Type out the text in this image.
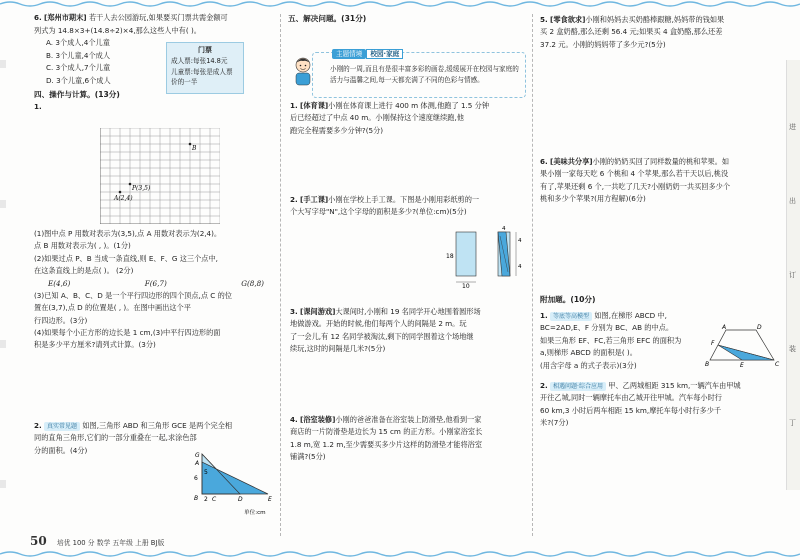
6. [郑州市期末] 若干人去公园游玩,如果要买门票共需金额可
列式为 14.8×3+(14.8÷2)×4,那么这些人中有( )。
A. 3个成人,4个儿童
B. 3个儿童,4个成人
C. 3个成人,7个儿童
D. 3个儿童,6个成人
四、操作与计算。(13分)
1.
门票
成人票:每张14.8元
儿童票:每张是成人票价的一半
B
P(3,5)
A(2,4)
(1)图中点 P 用数对表示为(3,5),点 A 用数对表示为(2,4)。
点 B 用数对表示为( , )。(1分)
(2)如果过点 P、B 当成一条直线,则 E、F、G 这三个点中,
在这条直线上的是点( )。 (2分)
E(4,6)	F(6,7)	G(8,8)
(3)已知 A、B、C、D 是一个平行四边形的四个顶点,点 C 的位
置在(3,7),点 D 的位置是( , )。在图中画出这个平
行四边形。(3分)
(4)如果每个小正方形的边长是 1 cm,(3)中平行四边形的面
积是多少平方厘米?请列式计算。(3分)
2. 真实常见题 如图,三角形 ABD 和三角形 GCE 是两个完全相
同的直角三角形,它们的一部分重叠在一起,求涂色部
分的面积。(4分)
G
A
6
5
B 2 C	D	E
单位:cm
五、解决问题。(31分)
主题情境 校园·家庭
小刚的一周,而且有是很丰富多彩的画卷,缓缓展开在校园与家庭的活力与温馨之间,每一天都充满了不同的色彩与情感。
1. [体育课]小刚在体育课上进行 400 m 体测,他跑了 1.5 分钟
后已经超过了中点 40 m。小刚保持这个速度继续跑,他
跑完全程需要多少分钟?(5分)
2. [手工课]小刚在学校上手工课。下图是小刚用彩纸剪的一
个大写字母"N",这个字母的面积是多少?(单位:cm)(5分)
18
10
4
4
4
3. [课间游戏]大课间时,小刚和 19 名同学开心地围着圆形场
地做游戏。开始的时候,他们每两个人的间隔是 2 m。玩
了一会儿,有 12 名同学被淘汰,剩下的同学围着这个场地继
续玩,这时的间隔是几米?(5分)
4. [浴室装修]小刚的爸爸准备在浴室装上防滑垫,他看到一家
商店的一片防滑垫是边长为 15 cm 的正方形。小刚家浴室长
1.8 m,宽 1.2 m,至少需要买多少片这样的防滑垫才能将浴室
铺满?(5分)
5. [零食欲求]小刚和妈妈去买奶酪棒跟糖,妈妈带的钱如果
买 2 盒奶酪,那么还剩 56.4 元;如果买 4 盒奶酪,那么还差
37.2 元。小刚的妈妈带了多少元?(5分)
6. [美味共分享]小刚的奶奶买回了同样数量的桃和苹果。如
果小刚一家每天吃 6 个桃和 4 个苹果,那么若干天以后,桃没
有了,苹果还剩 6 个,一共吃了几天?小刚奶奶一共买回多少个
桃和多少个苹果?(用方程解)(6分)
附加题。(10分)
1. 等底等高模型 如图,在梯形 ABCD 中,
BC=2AD,E、F 分别为 BC、AB 的中点。
如果三角形 EF、FC,若三角形 EFC 的面积为
a,则梯形 ABCD 的面积是( )。
(用含字母 a 的式子表示)(3分)
A	D
B	E
F
C
2. 相遇问题·综合应用 甲、乙两城相距 315 km,一辆汽车由甲城
开往乙城,同时一辆摩托车由乙城开往甲城。汽车每小时行
60 km,3 小时后两车相距 15 km,摩托车每小时行多少千
米?(7分)
进
出
订
装
丁
50 培优 100 分 数学 五年级 上册 BJ版
